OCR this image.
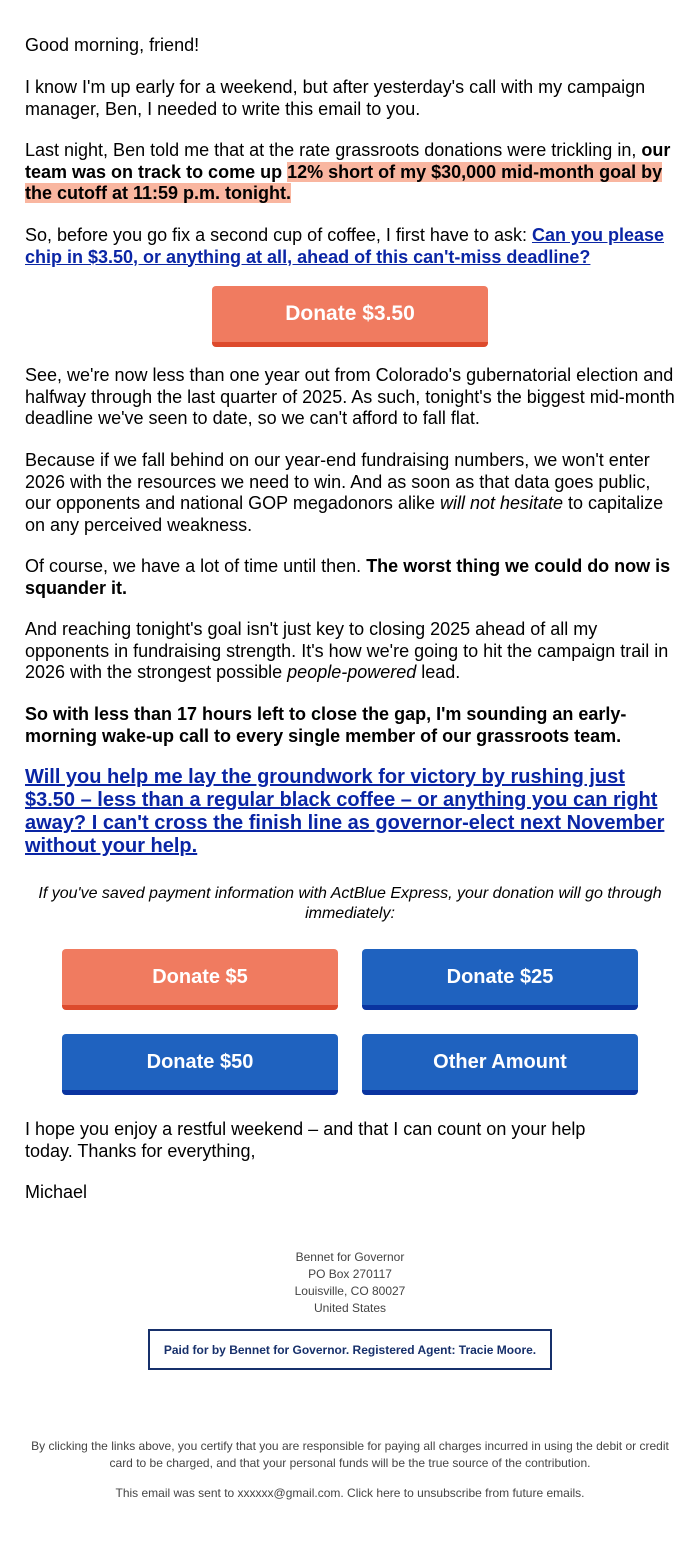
Good morning, friend!

I know I'm up early for a weekend, but after yesterday's call with my campaign manager, Ben, I needed to write this email to you.

Last night, Ben told me that at the rate grassroots donations were trickling in, our team was on track to come up 12% short of my $30,000 mid-month goal by the cutoff at 11:59 p.m. tonight.

So, before you go fix a second cup of coffee, I first have to ask: Can you please chip in $3.50, or anything at all, ahead of this can't-miss deadline?

Donate $3.50

See, we're now less than one year out from Colorado's gubernatorial election and halfway through the last quarter of 2025. As such, tonight's the biggest mid-month deadline we've seen to date, so we can't afford to fall flat.

Because if we fall behind on our year-end fundraising numbers, we won't enter 2026 with the resources we need to win. And as soon as that data goes public, our opponents and national GOP megadonors alike will not hesitate to capitalize on any perceived weakness.

Of course, we have a lot of time until then. The worst thing we could do now is squander it.

And reaching tonight's goal isn't just key to closing 2025 ahead of all my opponents in fundraising strength. It's how we're going to hit the campaign trail in 2026 with the strongest possible people-powered lead.

So with less than 17 hours left to close the gap, I'm sounding an early-morning wake-up call to every single member of our grassroots team.

Will you help me lay the groundwork for victory by rushing just $3.50 – less than a regular black coffee – or anything you can right away? I can't cross the finish line as governor-elect next November without your help.

If you've saved payment information with ActBlue Express, your donation will go through immediately:

Donate $5	Donate $25
Donate $50	Other Amount

I hope you enjoy a restful weekend – and that I can count on your help today. Thanks for everything,

Michael

Bennet for Governor
PO Box 270117
Louisville, CO 80027
United States
Paid for by Bennet for Governor. Registered Agent: Tracie Moore.

By clicking the links above, you certify that you are responsible for paying all charges incurred in using the debit or credit card to be charged, and that your personal funds will be the true source of the contribution.

This email was sent to xxxxxx@gmail.com. Click here to unsubscribe from future emails.
